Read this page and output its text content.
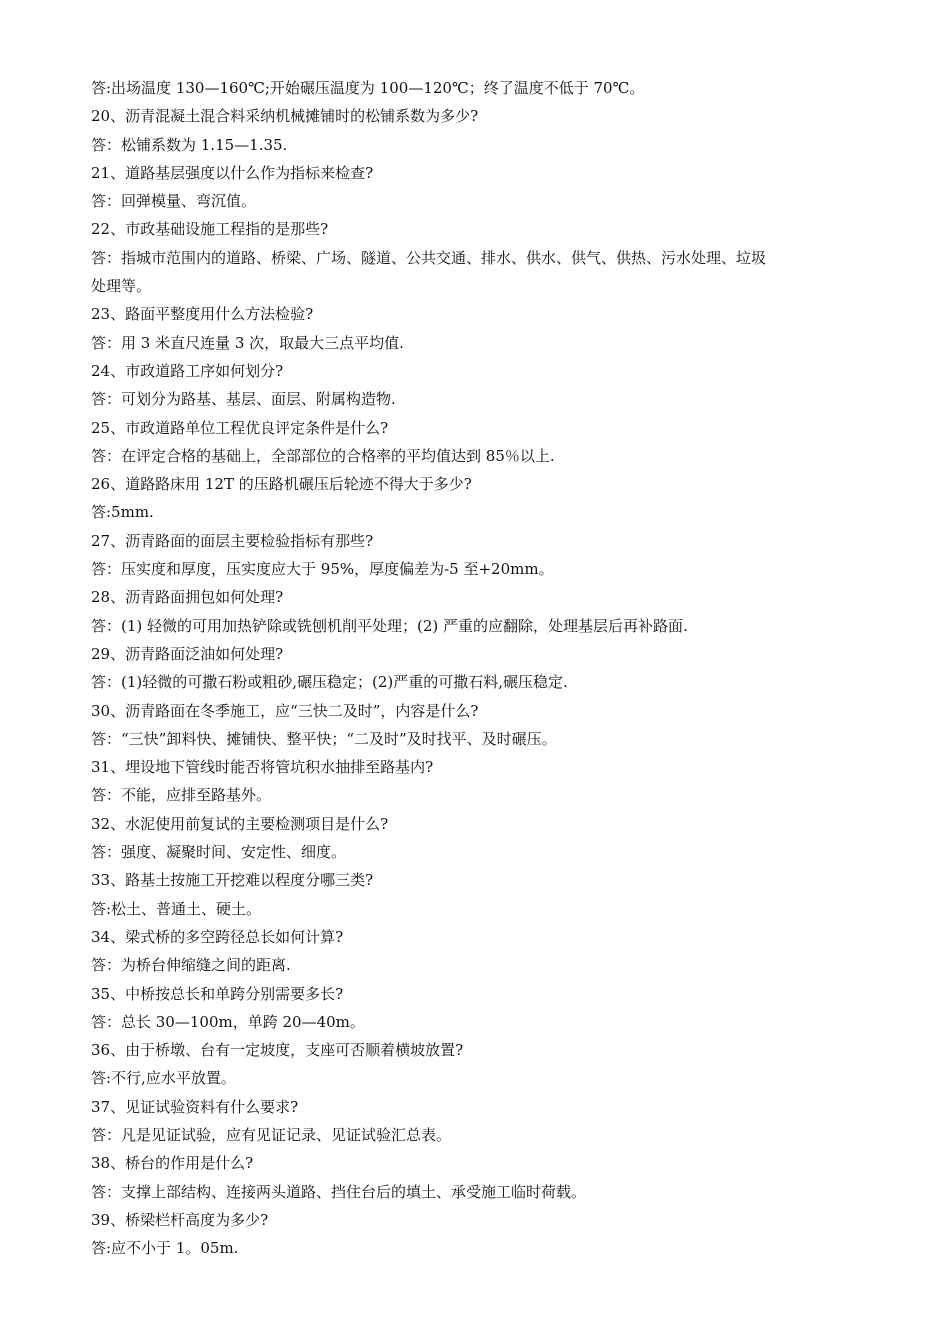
答:出场温度 130—160℃;开始碾压温度为 100—120℃；终了温度不低于 70℃。

20、沥青混凝土混合料采纳机械摊铺时的松铺系数为多少?

答：松铺系数为 1.15—1.35.

21、道路基层强度以什么作为指标来检查?

答：回弹模量、弯沉值。

22、市政基础设施工程指的是那些?

答：指城市范围内的道路、桥梁、广场、隧道、公共交通、排水、供水、供气、供热、污水处理、垃圾

处理等。

23、路面平整度用什么方法检验?

答：用 3 米直尺连量 3 次，取最大三点平均值.

24、市政道路工序如何划分?

答：可划分为路基、基层、面层、附属构造物.

25、市政道路单位工程优良评定条件是什么?

答：在评定合格的基础上，全部部位的合格率的平均值达到 85％以上.

26、道路路床用 12T 的压路机碾压后轮迹不得大于多少?

答:5mm.

27、沥青路面的面层主要检验指标有那些?

答：压实度和厚度，压实度应大于 95%，厚度偏差为-5 至+20mm。

28、沥青路面拥包如何处理?

答：(1) 轻微的可用加热铲除或铣刨机削平处理；(2) 严重的应翻除，处理基层后再补路面.

29、沥青路面泛油如何处理?

答：(1)轻微的可撒石粉或粗砂,碾压稳定；(2)严重的可撒石料,碾压稳定.

30、沥青路面在冬季施工，应“三快二及时”，内容是什么?

答：“三快”卸料快、摊铺快、整平快；“二及时”及时找平、及时碾压。

31、埋设地下管线时能否将管坑积水抽排至路基内?

答：不能，应排至路基外。

32、水泥使用前复试的主要检测项目是什么?

答：强度、凝聚时间、安定性、细度。

33、路基土按施工开挖难以程度分哪三类?

答:松土、普通土、硬土。

34、梁式桥的多空跨径总长如何计算?

答：为桥台伸缩缝之间的距离.

35、中桥按总长和单跨分别需要多长?

答：总长 30—100m，单跨 20—40m。

36、由于桥墩、台有一定坡度，支座可否顺着横坡放置?

答:不行,应水平放置。

37、见证试验资料有什么要求?

答：凡是见证试验，应有见证记录、见证试验汇总表。

38、桥台的作用是什么?

答：支撑上部结构、连接两头道路、挡住台后的填土、承受施工临时荷载。

39、桥梁栏杆高度为多少?

答:应不小于 1。05m.
